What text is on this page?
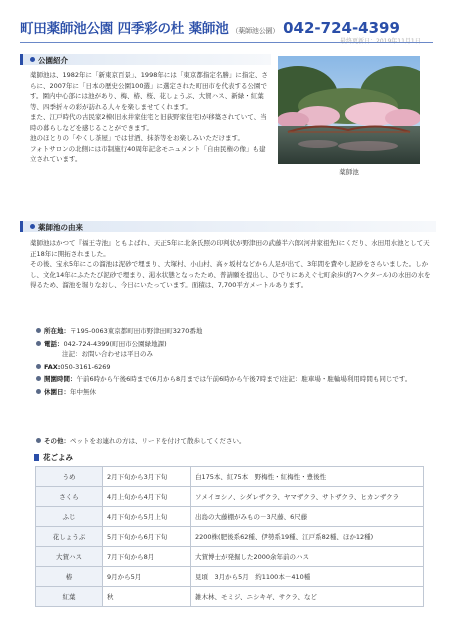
町田薬師池公園 四季彩の杜 薬師池 （薬師池公園） 042-724-4399
公園紹介

薬師池は、1982年に「新東京百景」、1998年には「東京都指定名勝」に指定、さらに、2007年に「日本の歴史公園100選」に選定された町田市を代表する公園です。園内中心部には池があり、梅、椿、桜、花しょうぶ、大賀ハス、新緑・紅葉等、四季折々の彩が訪れる人々を楽しませてくれます。

また、江戸時代の古民家2棟(旧永井家住宅と旧荻野家住宅)が移築されていて、当時の暮らしなどを感じることができます。

池のほとりの「やくし茶屋」では甘酒、抹茶等をお楽しみいただけます。

フォトサロンの北側には市制施行40周年記念モニュメント「自由民権の像」も建立されています。

薬師池
薬師池の由来

薬師池はかつて『福王寺池』ともよばれ、天正5年に北条氏照の印判状が野津田の武藤半六郎(河井家祖先)にくだり、水田用水池として天正18年に開拓されました。

その後、宝永5年にこの溜池は泥砂で埋まり、大塚村、小山村、高ヶ坂村などから人足が出て、3年間を費やし泥砂をさらいました。しかし、文化14年にふたたび泥砂で埋まり、渇水状態となったため、普請願を提出し、ひでりにあえぐ七町余歩(約7ヘクタール)の水田の水を得るため、溜池を堀りなおし、今日にいたっています。面積は、7,700平方メートルあります。

所在地：〒195-0063東京都町田市野津田町3270番地
電話：042-724-4399(町田市公園緑地課)
注記：お問い合わせは平日のみ
FAX:050-3161-6269
開園時間：午前6時から午後6時まで(6月から8月までは午前6時から午後7時まで)注記：駐車場・駐輪場利用時間も同じです。
休園日：年中無休
その他：ペットをお連れの方は、リードを付けて散歩してください。
花ごよみ
うめ	2月下旬から3月下旬	白175本、紅75本　野梅性・紅梅性・豊後性
さくら	4月上旬から4月下旬	ソメイヨシノ、シダレザクラ、ヤマザクラ、サトザクラ、ヒカンザクラ
ふじ	4月下旬から5月上旬	出島の大藤棚がみもの－3尺藤、6尺藤
花しょうぶ	5月下旬から6月下旬	2200株(肥後系62種、伊勢系19種、江戸系82種、ほか12種)
大賀ハス	7月下旬から8月	大賀博士が発掘した2000余年前のハス
椿	9月から5月	見頃　3月から5月　約1100本－410種
紅葉	秋	雑木林、モミジ、ニシキギ、サクラ、など
